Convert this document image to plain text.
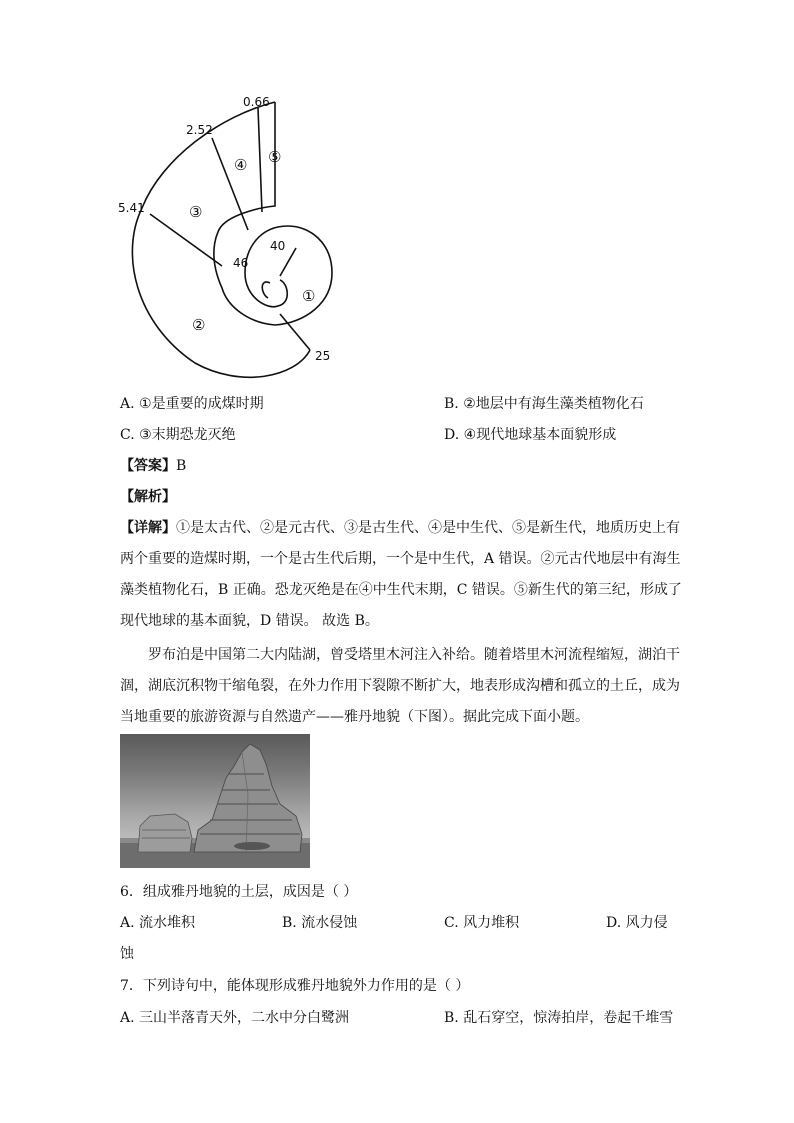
0.66
2.52
5.41
40
46
25
⑤
④
③
①
②
A. ①是重要的成煤时期	B. ②地层中有海生藻类植物化石
C. ③末期恐龙灭绝	D. ④现代地球基本面貌形成
【答案】B
【解析】
【详解】①是太古代、②是元古代、③是古生代、④是中生代、⑤是新生代，地质历史上有
两个重要的造煤时期，一个是古生代后期，一个是中生代，A 错误。②元古代地层中有海生
藻类植物化石，B 正确。恐龙灭绝是在④中生代末期，C 错误。⑤新生代的第三纪，形成了
现代地球的基本面貌，D 错误。 故选 B。
罗布泊是中国第二大内陆湖，曾受塔里木河注入补给。随着塔里木河流程缩短，湖泊干
涸，湖底沉积物干缩龟裂，在外力作用下裂隙不断扩大，地表形成沟槽和孤立的土丘，成为
当地重要的旅游资源与自然遗产——雅丹地貌（下图）。据此完成下面小题。
6．组成雅丹地貌的土层，成因是（ ）
A. 流水堆积	B. 流水侵蚀	C. 风力堆积	D. 风力侵
蚀
7．下列诗句中，能体现形成雅丹地貌外力作用的是（ ）
A. 三山半落青天外，二水中分白鹭洲	B. 乱石穿空，惊涛拍岸，卷起千堆雪
